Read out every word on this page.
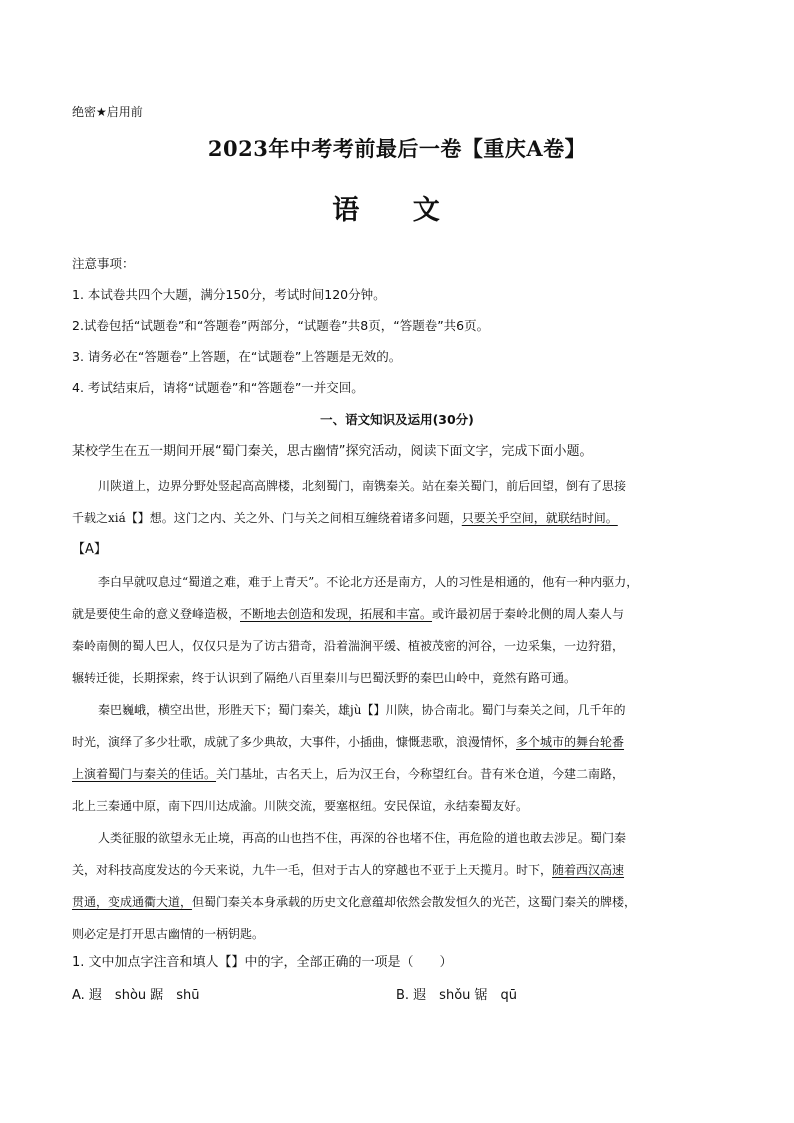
绝密★启用前
2023年中考考前最后一卷【重庆A卷】
语 文
注意事项：
1. 本试卷共四个大题，满分150分，考试时间120分钟。
2.试卷包括“试题卷”和“答题卷”两部分，“试题卷”共8页，“答题卷”共6页。
3. 请务必在“答题卷”上答题，在“试题卷”上答题是无效的。
4. 考试结束后，请将“试题卷”和“答题卷”一并交回。
一、语文知识及运用(30分)
某校学生在五一期间开展“蜀门秦关，思古幽情”探究活动，阅读下面文字，完成下面小题。
川陕道上，边界分野处竖起高高牌楼，北刻蜀门，南镌秦关。站在秦关蜀门，前后回望，倒有了思接
千载之xiá【】想。这门之内、关之外、门与关之间相互缠绕着诸多问题，只要关乎空间，就联结时间。
【A】
李白早就叹息过“蜀道之难，难于上青天”。不论北方还是南方，人的习性是相通的，他有一种内驱力，
就是要使生命的意义登峰造极，不断地去创造和发现，拓展和丰富。或许最初居于秦岭北侧的周人秦人与
秦岭南侧的蜀人巴人，仅仅只是为了访古猎奇，沿着湍涧平缓、植被茂密的河谷，一边采集，一边狩猎，
辗转迁徙，长期探索，终于认识到了隔绝八百里秦川与巴蜀沃野的秦巴山岭中，竟然有路可通。
秦巴巍峨，横空出世，形胜天下；蜀门秦关，雄jù【】川陕，协合南北。蜀门与秦关之间，几千年的
时光，演绎了多少壮歌，成就了多少典故，大事件，小插曲，慷慨悲歌，浪漫情怀，多个城市的舞台轮番
上演着蜀门与秦关的佳话。关门基址，古名天上，后为汉王台，今称望红台。昔有米仓道，今建二南路，
北上三秦通中原，南下四川达成渝。川陕交流，要塞枢纽。安民保谊，永结秦蜀友好。
人类征服的欲望永无止境，再高的山也挡不住，再深的谷也堵不住，再危险的道也敢去涉足。蜀门秦
关，对科技高度发达的今天来说，九牛一毛，但对于古人的穿越也不亚于上天揽月。时下，随着西汉高速
贯通，变成通衢大道，但蜀门秦关本身承载的历史文化意蕴却依然会散发恒久的光芒，这蜀门秦关的牌楼，
则必定是打开思古幽情的一柄钥匙。
1. 文中加点字注音和填人【】中的字，全部正确的一项是（　　）
A. 遐　shòu 踞　shū	B. 遐　shǒu 锯　qū
